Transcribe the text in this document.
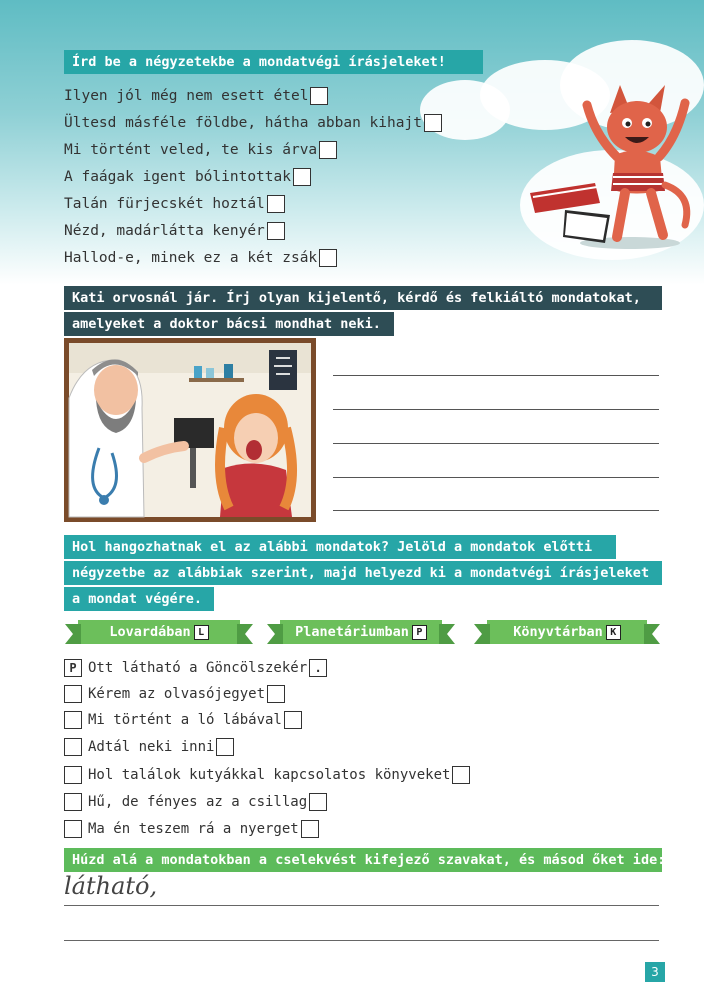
Írd be a négyzetekbe a mondatvégi írásjeleket!
Ilyen jól még nem esett étel
Ültesd másféle földbe, hátha abban kihajt
Mi történt veled, te kis árva
A faágak igent bólintottak
Talán fürjecskét hoztál
Nézd, madárlátta kenyér
Hallod-e, minek ez a két zsák
Kati orvosnál jár. Írj olyan kijelentő, kérdő és felkiáltó mondatokat,
amelyeket a doktor bácsi mondhat neki.
Hol hangozhatnak el az alábbi mondatok? Jelöld a mondatok előtti
négyzetbe az alábbiak szerint, majd helyezd ki a mondatvégi írásjeleket
a mondat végére.
Lovardában L	Planetáriumban P	Könyvtárban K
P Ott látható a Göncölszekér .
Kérem az olvasójegyet
Mi történt a ló lábával
Adtál neki inni
Hol találok kutyákkal kapcsolatos könyveket
Hű, de fényes az a csillag
Ma én teszem rá a nyerget
Húzd alá a mondatokban a cselekvést kifejező szavakat, és másod őket ide:
látható,
3
